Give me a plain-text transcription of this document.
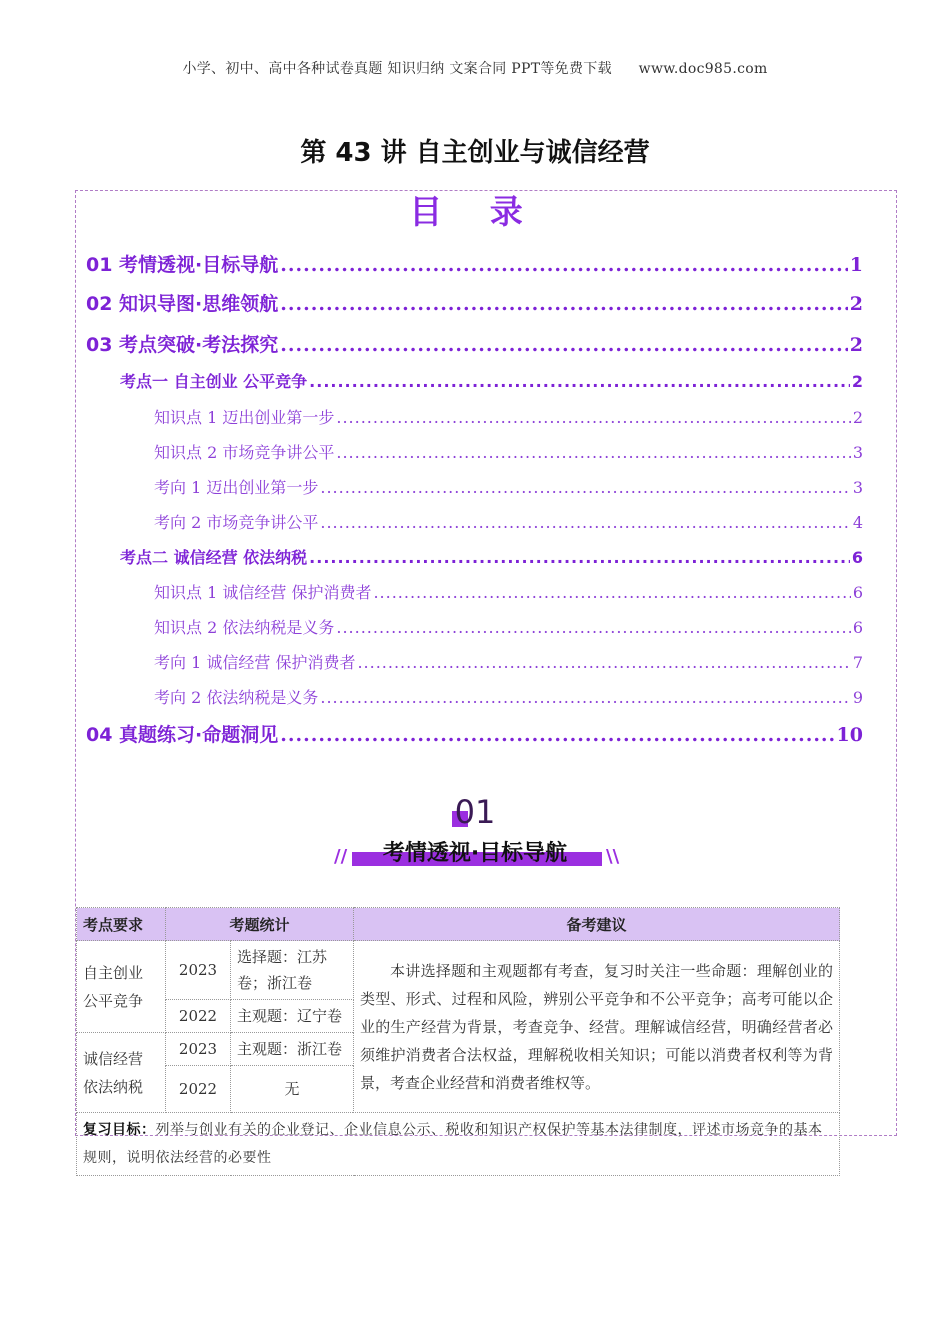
小学、初中、高中各种试卷真题 知识归纳 文案合同 PPT等免费下载 www.doc985.com
第 43 讲 自主创业与诚信经营
目 录
01 考情透视·目标导航 .....	1
02 知识导图·思维领航 .....	2
03 考点突破·考法探究 .....	2
考点一 自主创业 公平竞争 .....	2
知识点 1 迈出创业第一步 .....	2
知识点 2 市场竞争讲公平 .....	3
考向 1 迈出创业第一步 .....	3
考向 2 市场竞争讲公平 .....	4
考点二 诚信经营 依法纳税 .....	6
知识点 1 诚信经营 保护消费者 .....	6
知识点 2 依法纳税是义务 .....	6
考向 1 诚信经营 保护消费者 .....	7
考向 2 依法纳税是义务 .....	9
04 真题练习·命题洞见 .....	10
01
//	\\
考情透视·目标导航
考点要求	考题统计		备考建议

自主创业
公平竞争	2023	选择题：江苏卷；浙江卷	本讲选择题和主观题都有考查，复习时关注一些命题：理解创业的类型、形式、过程和风险，辨别公平竞争和不公平竞争；高考可能以企业的生产经营为背景，考查竞争、经营。理解诚信经营，明确经营者必须维护消费者合法权益，理解税收相关知识；可能以消费者权利等为背景，考查企业经营和消费者维权等。
	2022	主观题：辽宁卷	

诚信经营
依法纳税	2023	主观题：浙江卷	
	2022	无	
复习目标：列举与创业有关的企业登记、企业信息公示、税收和知识产权保护等基本法律制度，评述市场竞争的基本规则，说明依法经营的必要性			
